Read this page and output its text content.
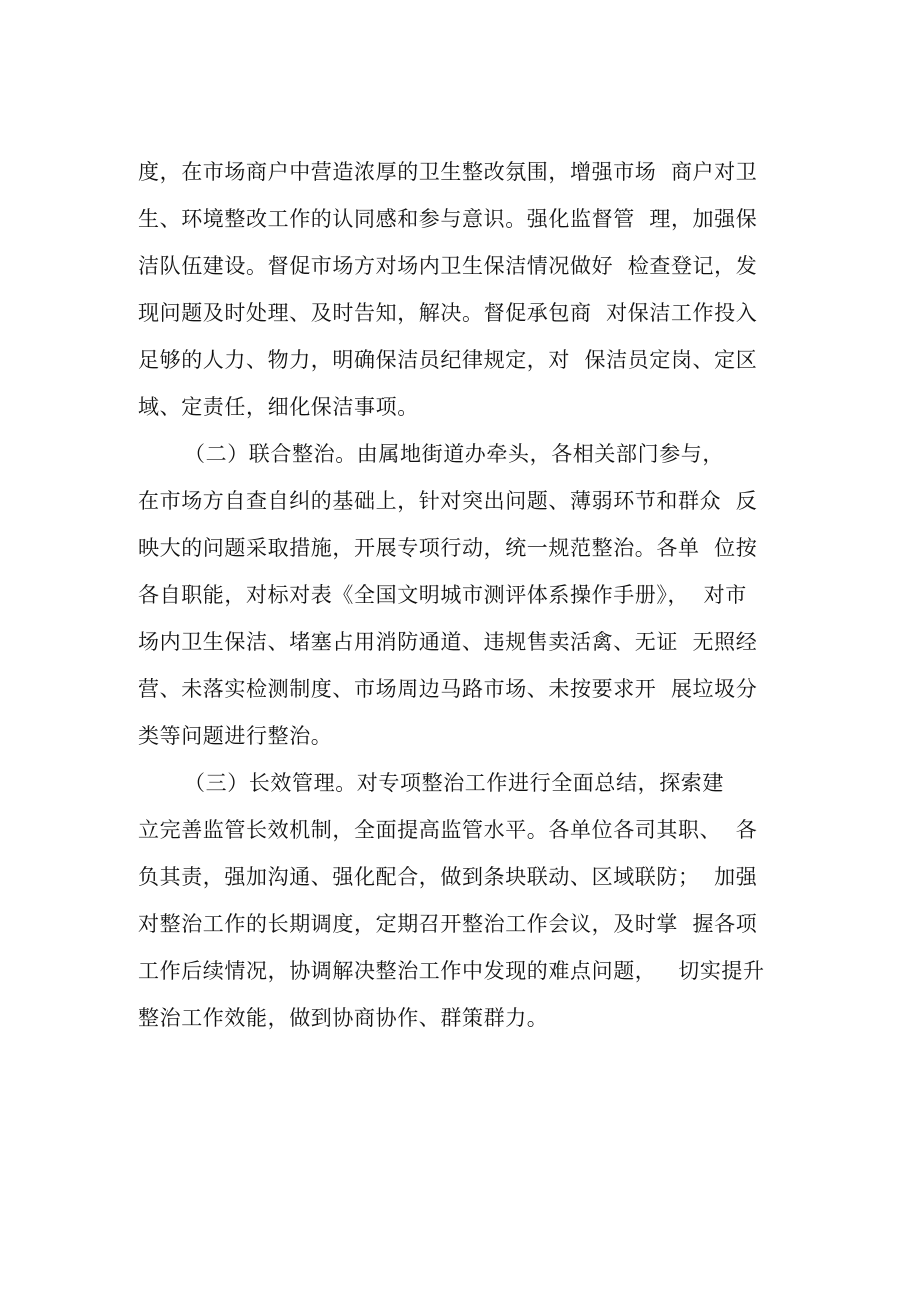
度，在市场商户中营造浓厚的卫生整改氛围，增强市场  商户对卫
生、环境整改工作的认同感和参与意识。强化监督管  理，加强保
洁队伍建设。督促市场方对场内卫生保洁情况做好  检查登记，发
现问题及时处理、及时告知，解决。督促承包商  对保洁工作投入
足够的人力、物力，明确保洁员纪律规定，对  保洁员定岗、定区
域、定责任，细化保洁事项。
（二）联合整治。由属地街道办牵头，各相关部门参与，
在市场方自查自纠的基础上，针对突出问题、薄弱环节和群众  反
映大的问题采取措施，开展专项行动，统一规范整治。各单  位按
各自职能，对标对表《全国文明城市测评体系操作手册》，  对市
场内卫生保洁、堵塞占用消防通道、违规售卖活禽、无证  无照经
营、未落实检测制度、市场周边马路市场、未按要求开  展垃圾分
类等问题进行整治。
（三）长效管理。对专项整治工作进行全面总结，探索建
立完善监管长效机制，全面提高监管水平。各单位各司其职、  各
负其责，强加沟通、强化配合，做到条块联动、区域联防；  加强
对整治工作的长期调度，定期召开整治工作会议，及时掌  握各项
工作后续情况，协调解决整治工作中发现的难点问题，   切实提升
整治工作效能，做到协商协作、群策群力。
